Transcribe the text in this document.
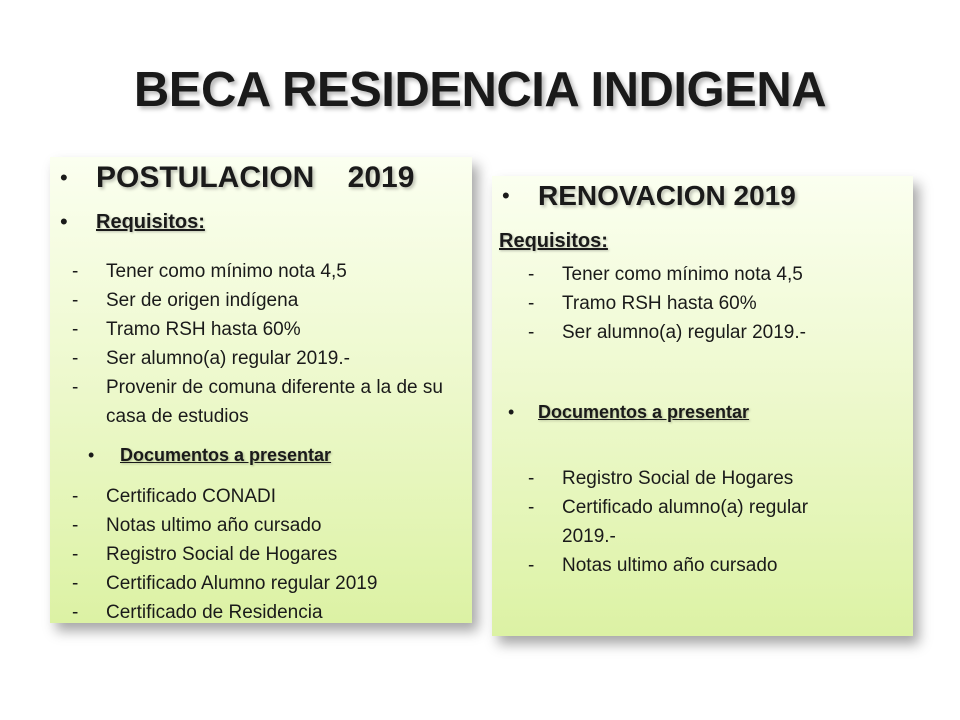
BECA RESIDENCIA INDIGENA
• POSTULACION    2019
•	Requisitos:
- Tener como mínimo nota 4,5
- Ser de origen indígena
- Tramo RSH hasta 60%
- Ser alumno(a) regular 2019.-
- Provenir de comuna diferente a la de su casa de estudios
•	Documentos a presentar
- Certificado CONADI
- Notas ultimo año cursado
- Registro Social de Hogares
- Certificado Alumno regular 2019
- Certificado de Residencia
•	RENOVACION 2019
Requisitos:
- Tener como mínimo nota 4,5
- Tramo RSH hasta 60%
- Ser alumno(a) regular 2019.-
•	Documentos a presentar
- Registro Social de Hogares
- Certificado alumno(a) regular 2019.-
- Notas ultimo año cursado
